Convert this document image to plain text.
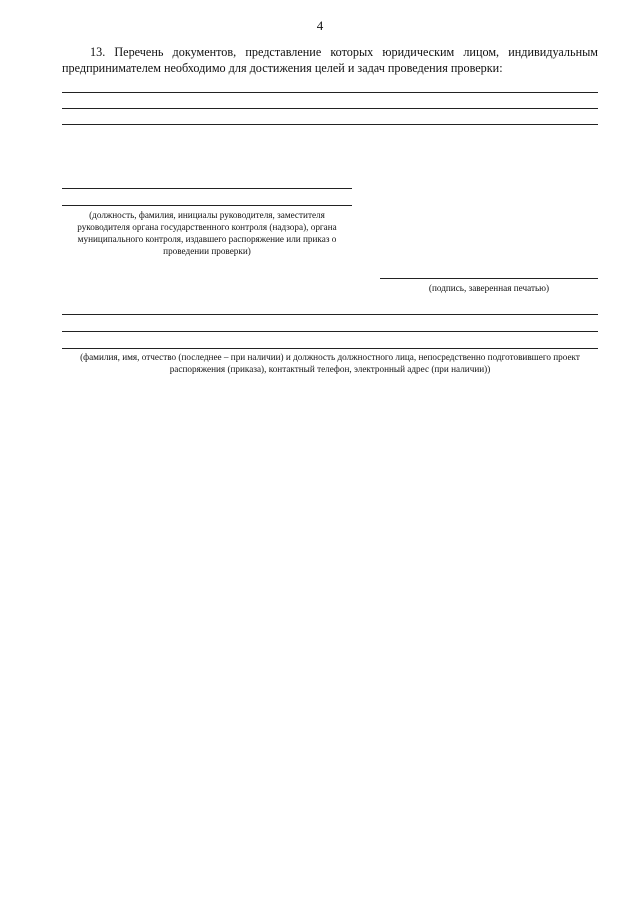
4
13. Перечень документов, представление которых юридическим лицом, индивидуальным предпринимателем необходимо для достижения целей и задач проведения проверки:
(должность, фамилия, инициалы руководителя, заместителя руководителя органа государственного контроля (надзора), органа муниципального контроля, издавшего распоряжение или приказ о проведении проверки)
(подпись, заверенная печатью)
(фамилия, имя, отчество (последнее – при наличии) и должность должностного лица, непосредственно подготовившего проект распоряжения (приказа), контактный телефон, электронный адрес (при наличии))
